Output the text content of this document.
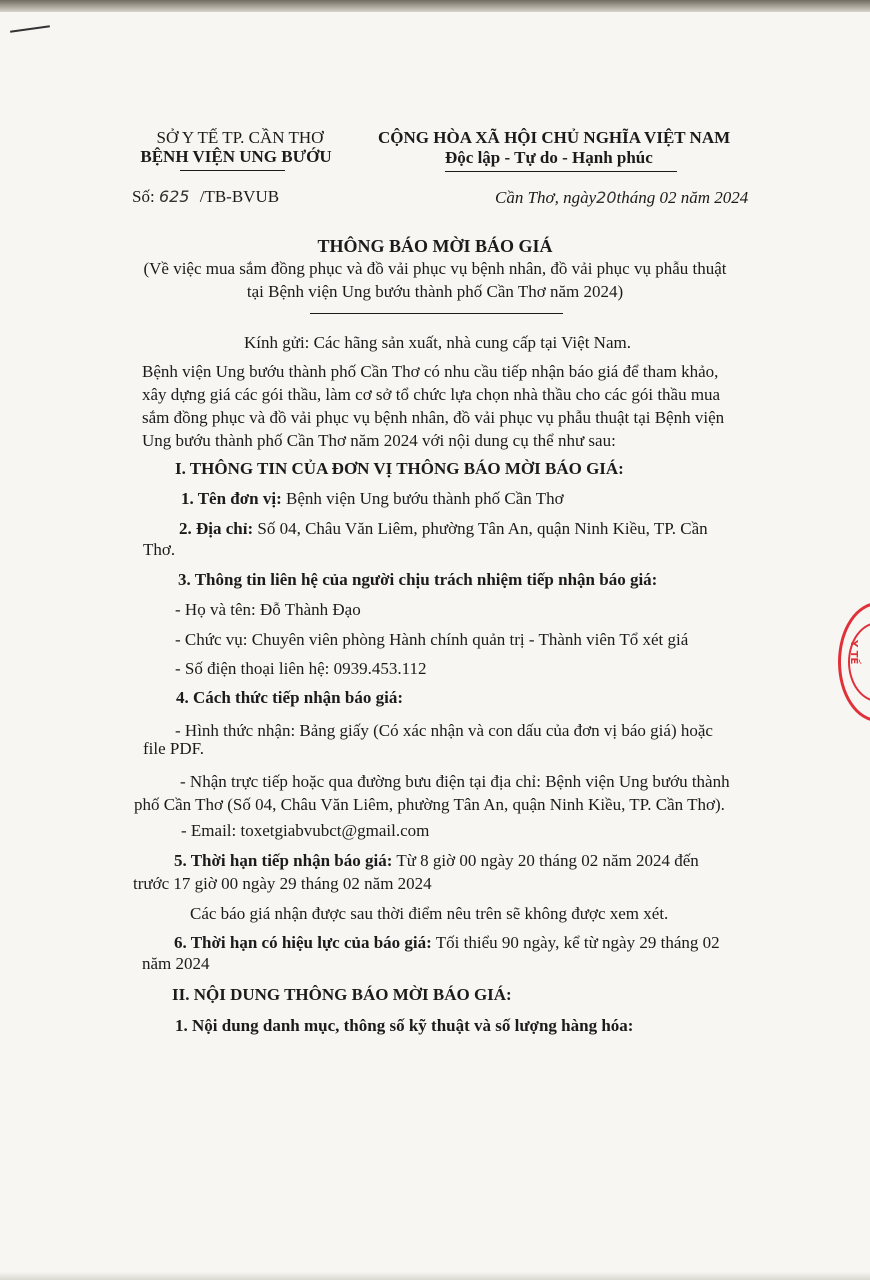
SỞ Y TẾ TP. CẦN THƠ
BỆNH VIỆN UNG BƯỚU
CỘNG HÒA XÃ HỘI CHỦ NGHĨA VIỆT NAM
Độc lập - Tự do - Hạnh phúc
Số: 625 /TB-BVUB	Cần Thơ, ngày20tháng 02 năm 2024
THÔNG BÁO MỜI BÁO GIÁ
(Về việc mua sắm đồng phục và đồ vải phục vụ bệnh nhân, đồ vải phục vụ phẫu thuật
tại Bệnh viện Ung bướu thành phố Cần Thơ năm 2024)
Kính gửi: Các hãng sản xuất, nhà cung cấp tại Việt Nam.
Bệnh viện Ung bướu thành phố Cần Thơ có nhu cầu tiếp nhận báo giá để tham khảo,
xây dựng giá các gói thầu, làm cơ sở tổ chức lựa chọn nhà thầu cho các gói thầu mua
sắm đồng phục và đồ vải phục vụ bệnh nhân, đồ vải phục vụ phẫu thuật tại Bệnh viện
Ung bướu thành phố Cần Thơ năm 2024 với nội dung cụ thể như sau:
I. THÔNG TIN CỦA ĐƠN VỊ THÔNG BÁO MỜI BÁO GIÁ:
1. Tên đơn vị: Bệnh viện Ung bướu thành phố Cần Thơ
2. Địa chỉ: Số 04, Châu Văn Liêm, phường Tân An, quận Ninh Kiều, TP. Cần
Thơ.
3. Thông tin liên hệ của người chịu trách nhiệm tiếp nhận báo giá:
- Họ và tên: Đỗ Thành Đạo
- Chức vụ: Chuyên viên phòng Hành chính quản trị - Thành viên Tổ xét giá
- Số điện thoại liên hệ: 0939.453.112
4. Cách thức tiếp nhận báo giá:
- Hình thức nhận: Bảng giấy (Có xác nhận và con dấu của đơn vị báo giá) hoặc
file PDF.
- Nhận trực tiếp hoặc qua đường bưu điện tại địa chỉ: Bệnh viện Ung bướu thành
phố Cần Thơ (Số 04, Châu Văn Liêm, phường Tân An, quận Ninh Kiều, TP. Cần Thơ).
- Email: toxetgiabvubct@gmail.com
5. Thời hạn tiếp nhận báo giá: Từ 8 giờ 00 ngày 20 tháng 02 năm 2024 đến
trước 17 giờ 00 ngày 29 tháng 02 năm 2024
Các báo giá nhận được sau thời điểm nêu trên sẽ không được xem xét.
6. Thời hạn có hiệu lực của báo giá: Tối thiểu 90 ngày, kể từ ngày 29 tháng 02
năm 2024
II. NỘI DUNG THÔNG BÁO MỜI BÁO GIÁ:
1. Nội dung danh mục, thông số kỹ thuật và số lượng hàng hóa:
Y TẾ
